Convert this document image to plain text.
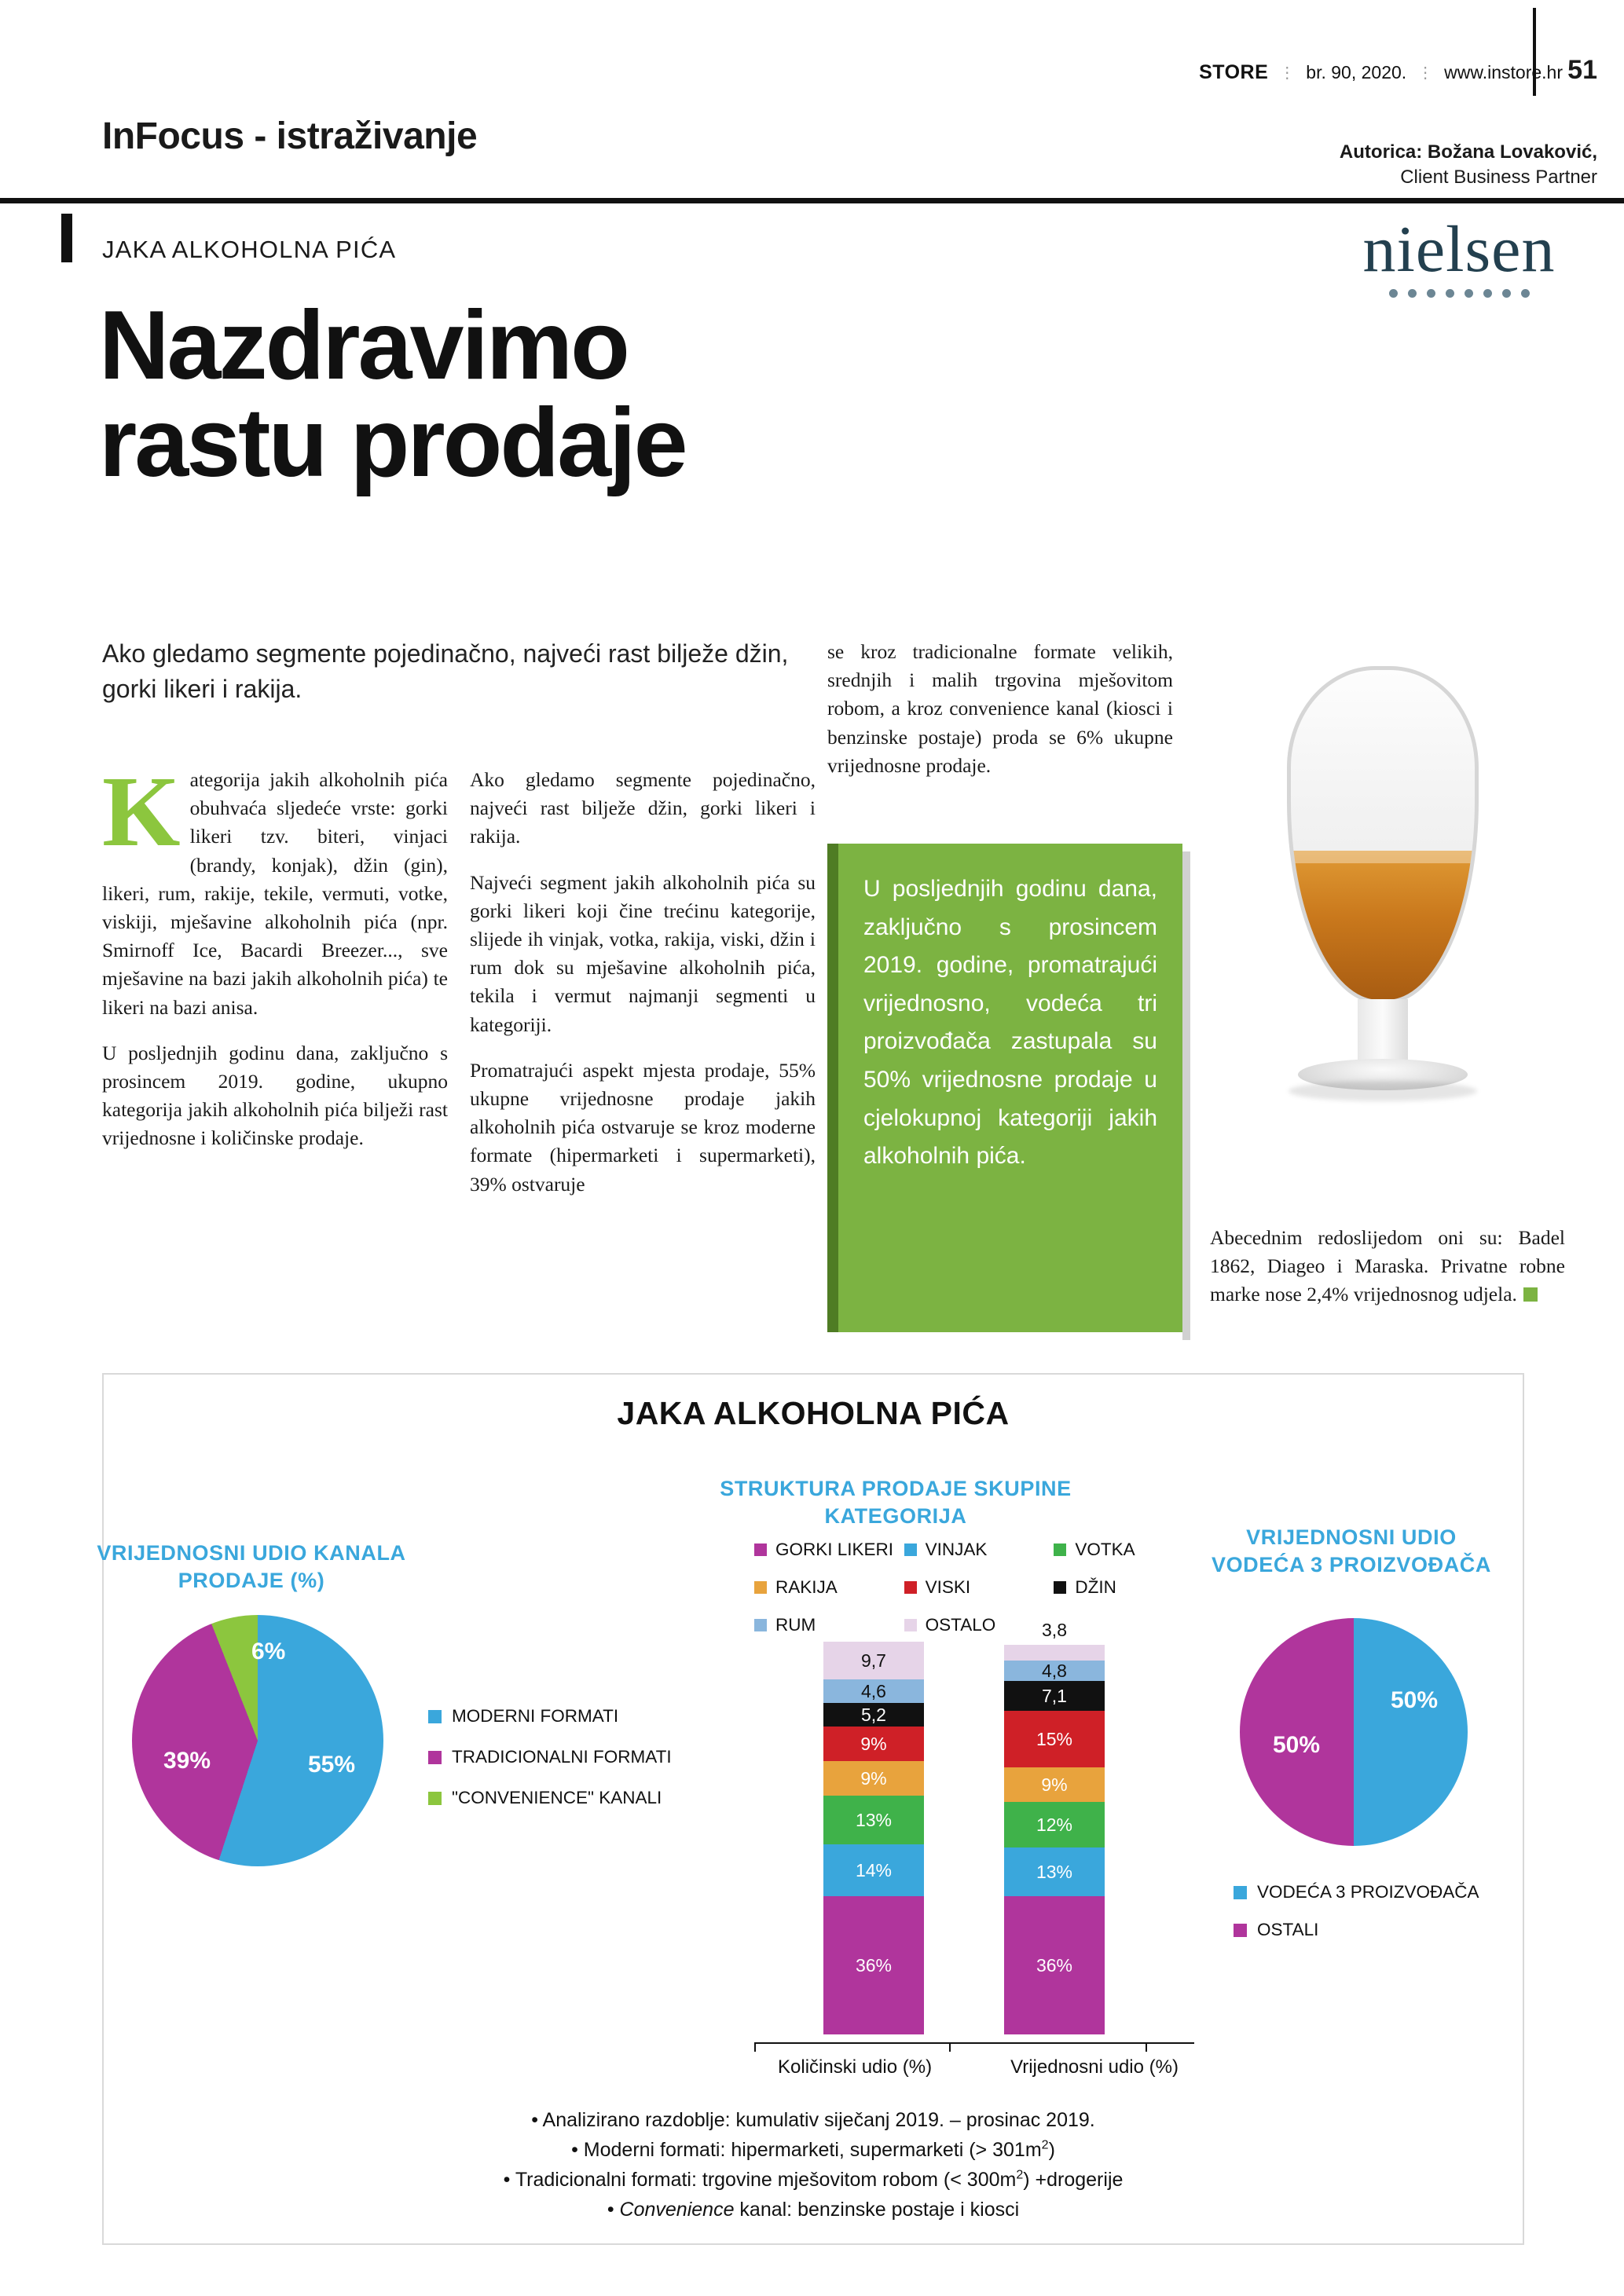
STORE ⋮ br. 90, 2020. ⋮ www.instore.hr 51
InFocus - istraživanje	Autorica: Božana Lovaković,
Client Business Partner
JAKA ALKOHOLNA PIĆA	nielsen
Nazdravimo
rastu prodaje
Ako gledamo segmente pojedinačno, najveći rast bilježe džin, gorki likeri i rakija.

Kategorija jakih alkoholnih pića obuhvaća sljedeće vrste: gorki likeri tzv. biteri, vinjaci (brandy, konjak), džin (gin), likeri, rum, rakije, tekile, vermuti, votke, viskiji, mješavine alkoholnih pića (npr. Smirnoff Ice, Bacardi Breezer..., sve mješavine na bazi jakih alkoholnih pića) te likeri na bazi anisa.

U posljednjih godinu dana, zaključno s prosincem 2019. godine, ukupno kategorija jakih alkoholnih pića bilježi rast vrijednosne i količinske prodaje.

Ako gledamo segmente pojedinačno, najveći rast bilježe džin, gorki likeri i rakija.

Najveći segment jakih alkoholnih pića su gorki likeri koji čine trećinu kategorije, slijede ih vinjak, votka, rakija, viski, džin i rum dok su mješavine alkoholnih pića, tekila i vermut najmanji segmenti u kategoriji.

Promatrajući aspekt mjesta prodaje, 55% ukupne vrijednosne prodaje jakih alkoholnih pića ostvaruje se kroz moderne formate (hipermarketi i supermarketi), 39% ostvaruje

se kroz tradicionalne formate velikih, srednjih i malih trgovina mješovitom robom, a kroz convenience kanal (kiosci i benzinske postaje) proda se 6% ukupne vrijednosne prodaje.

U posljednjih godinu dana, zaključno s prosincem 2019. godine, promatrajući vrijednosno, vodeća tri proizvođača zastupala su 50% vrijednosne prodaje u cjelokupnoj kategoriji jakih alkoholnih pića.
Abecednim redoslijedom oni su: Badel 1862, Diageo i Maraska. Privatne robne marke nose 2,4% vrijednosnog udjela.
JAKA ALKOHOLNA PIĆA
VRIJEDNOSNI UDIO KANALA PRODAJE (%)
55%
39%
6%
MODERNI FORMATI
TRADICIONALNI FORMATI
"CONVENIENCE" KANALI
STRUKTURA PRODAJE SKUPINE KATEGORIJA
GORKI LIKERI VINJAK	VOTKA
RAKIJA	VISKI	DŽIN
RUM	OSTALO
9,7
4,6
5,2
9%
9%
13%
14%
36%
3,8
4,8
7,1
15%
9%
12%
13%
36%
Količinski udio (%)	Vrijednosni udio (%)
VRIJEDNOSNI UDIO VODEĆA 3 PROIZVOĐAČA
50%
50%
VODEĆA 3 PROIZVOĐAČA
OSTALI
• Analizirano razdoblje: kumulativ siječanj 2019. – prosinac 2019.
• Moderni formati: hipermarketi, supermarketi (> $301m^2$)
• Tradicionalni formati: trgovine mješovitom robom (< $300m^2$) +drogerije
• Convenience kanal: benzinske postaje i kiosci
